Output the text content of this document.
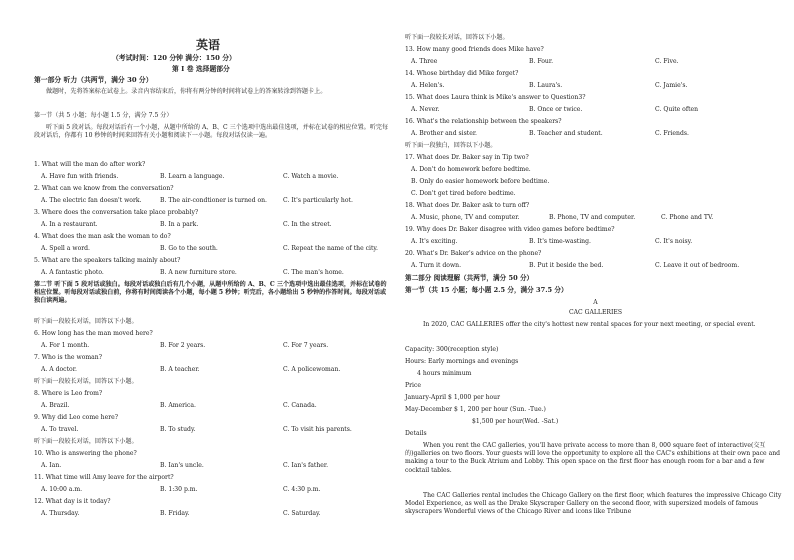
英语
（考试时间：120 分钟 满分：150 分）
第 I 卷 选择题部分
第一部分 听力（共两节，满分 30 分）
做题时，先将答案标在试卷上。录音内容结束后，你将有两分钟的时间将试卷上的答案转涂到答题卡上。
第一节（共 5 小题；每小题 1.5 分，满分 7.5 分）
听下面 5 段对话。每段对话后有一个小题，从题中所给的 A、B、C 三个选项中选出最佳选项，并标在试卷的相应位置。听完每段对话后，你都有 10 秒钟的时间来回答有关小题和阅读下一小题。每段对话仅读一遍。
1. What will the man do after work?
A. Have fun with friends.	B. Learn a language.	C. Watch a movie.
2. What can we know from the conversation?
A. The electric fan doesn't work.	B. The air-condtioner is turned on.	C. It's particularly hot.
3. Where does the conversation take place probably?
A. In a restaurant.	B. In a park.	C. In the street.
4. What does the man ask the woman to do?
A. Spell a word.	B. Go to the south.	C. Repeat the name of the city.
5. What are the speakers talking mainly about?
A. A fantastic photo.	B. A new furniture store.	C. The man's home.
第二节 听下面 5 段对话或独白。每段对话或独白后有几个小题，从题中所给的 A、B、C 三个选项中选出最佳选项，并标在试卷的相应位置。听每段对话或独白前，你将有时间阅读各个小题，每小题 5 秒钟；听完后，各小题给出 5 秒钟的作答时间。每段对话或独白读两遍。
听下面一段较长对话，回答以下小题。
6. How long has the man moved here?
A. For 1 month.	B. For 2 years.	C. For 7 years.
7. Who is the woman?
A. A doctor.	B. A teacher.	C. A policewoman.
听下面一段较长对话，回答以下小题。
8. Where is Leo from?
A. Brazil.	B. America.	C. Canada.
9. Why did Leo come here?
A. To travel.	B. To study.	C. To visit his parents.
听下面一段较长对话，回答以下小题。
10. Who is answering the phone?
A. Ian.	B. Ian's uncle.	C. Ian's father.
11. What time will Amy leave for the airport?
A. 10:00 a.m.	B. 1:30 p.m.	C. 4:30 p.m.
12. What day is it today?
A. Thursday.	B. Friday.	C. Saturday.
听下面一段较长对话，回答以下小题。
13. How many good friends does Mike have?
A. Three	B. Four.	C. Five.
14. Whose birthday did Mike forget?
A. Helen's.	B. Laura's.	C. Jamie's.
15. What does Laura think is Mike's answer to Question3?
A. Never.	B. Once or twice.	C. Quite often
16. What's the relationship between the speakers?
A. Brother and sister.	B. Teacher and student.	C. Friends.
听下面一段独白，回答以下小题。
17. What does Dr. Baker say in Tip two?
A. Don't do homework before bedtime.
B. Only do easier homework before bedtime.
C. Don't get tired before bedtime.
18. What does Dr. Baker ask to turn off?
A. Music, phone, TV and computer.	B. Phone, TV and computer.	C. Phone and TV.
19. Why does Dr. Baker disagree with video games before bedtime?
A. It's exciting.	B. It's time-wasting.	C. It's noisy.
20. What's Dr. Baker's advice on the phone?
A. Turn it down.	B. Put it beside the bed.	C. Leave it out of bedroom.
第二部分 阅读理解（共两节，满分 50 分）
第一节（共 15 小题；每小题 2.5 分，满分 37.5 分）
A
CAC GALLERIES
In 2020, CAC GALLERIES offer the city's hottest new rental spaces for your next meeting, or special event.
Capacity: 300(reception style)
Hours: Early mornings and evenings
4 hours minimum
Price
January-April $ 1,000 per hour
May-December $ 1, 200 per hour (Sun. -Tue.)
$1,500 per hour(Wed. -Sat.)
Details
When you rent the CAC galleries, you'll have private access to more than 8, 000 square feet of interactive(交互的)galleries on two floors. Your guests will love the opportunity to explore all the CAC's exhibitions at their own pace and making a tour to the Buck Atrium and Lobby. This open space on the first floor has enough room for a bar and a few cocktail tables.
The CAC Galleries rental includes the Chicago Gallery on the first floor, which features the impressive Chicago City Model Experience, as well as the Drake Skyscraper Gallery on the second floor, with supersized models of famous skyscrapers Wonderful views of the Chicago River and icons like Tribune
